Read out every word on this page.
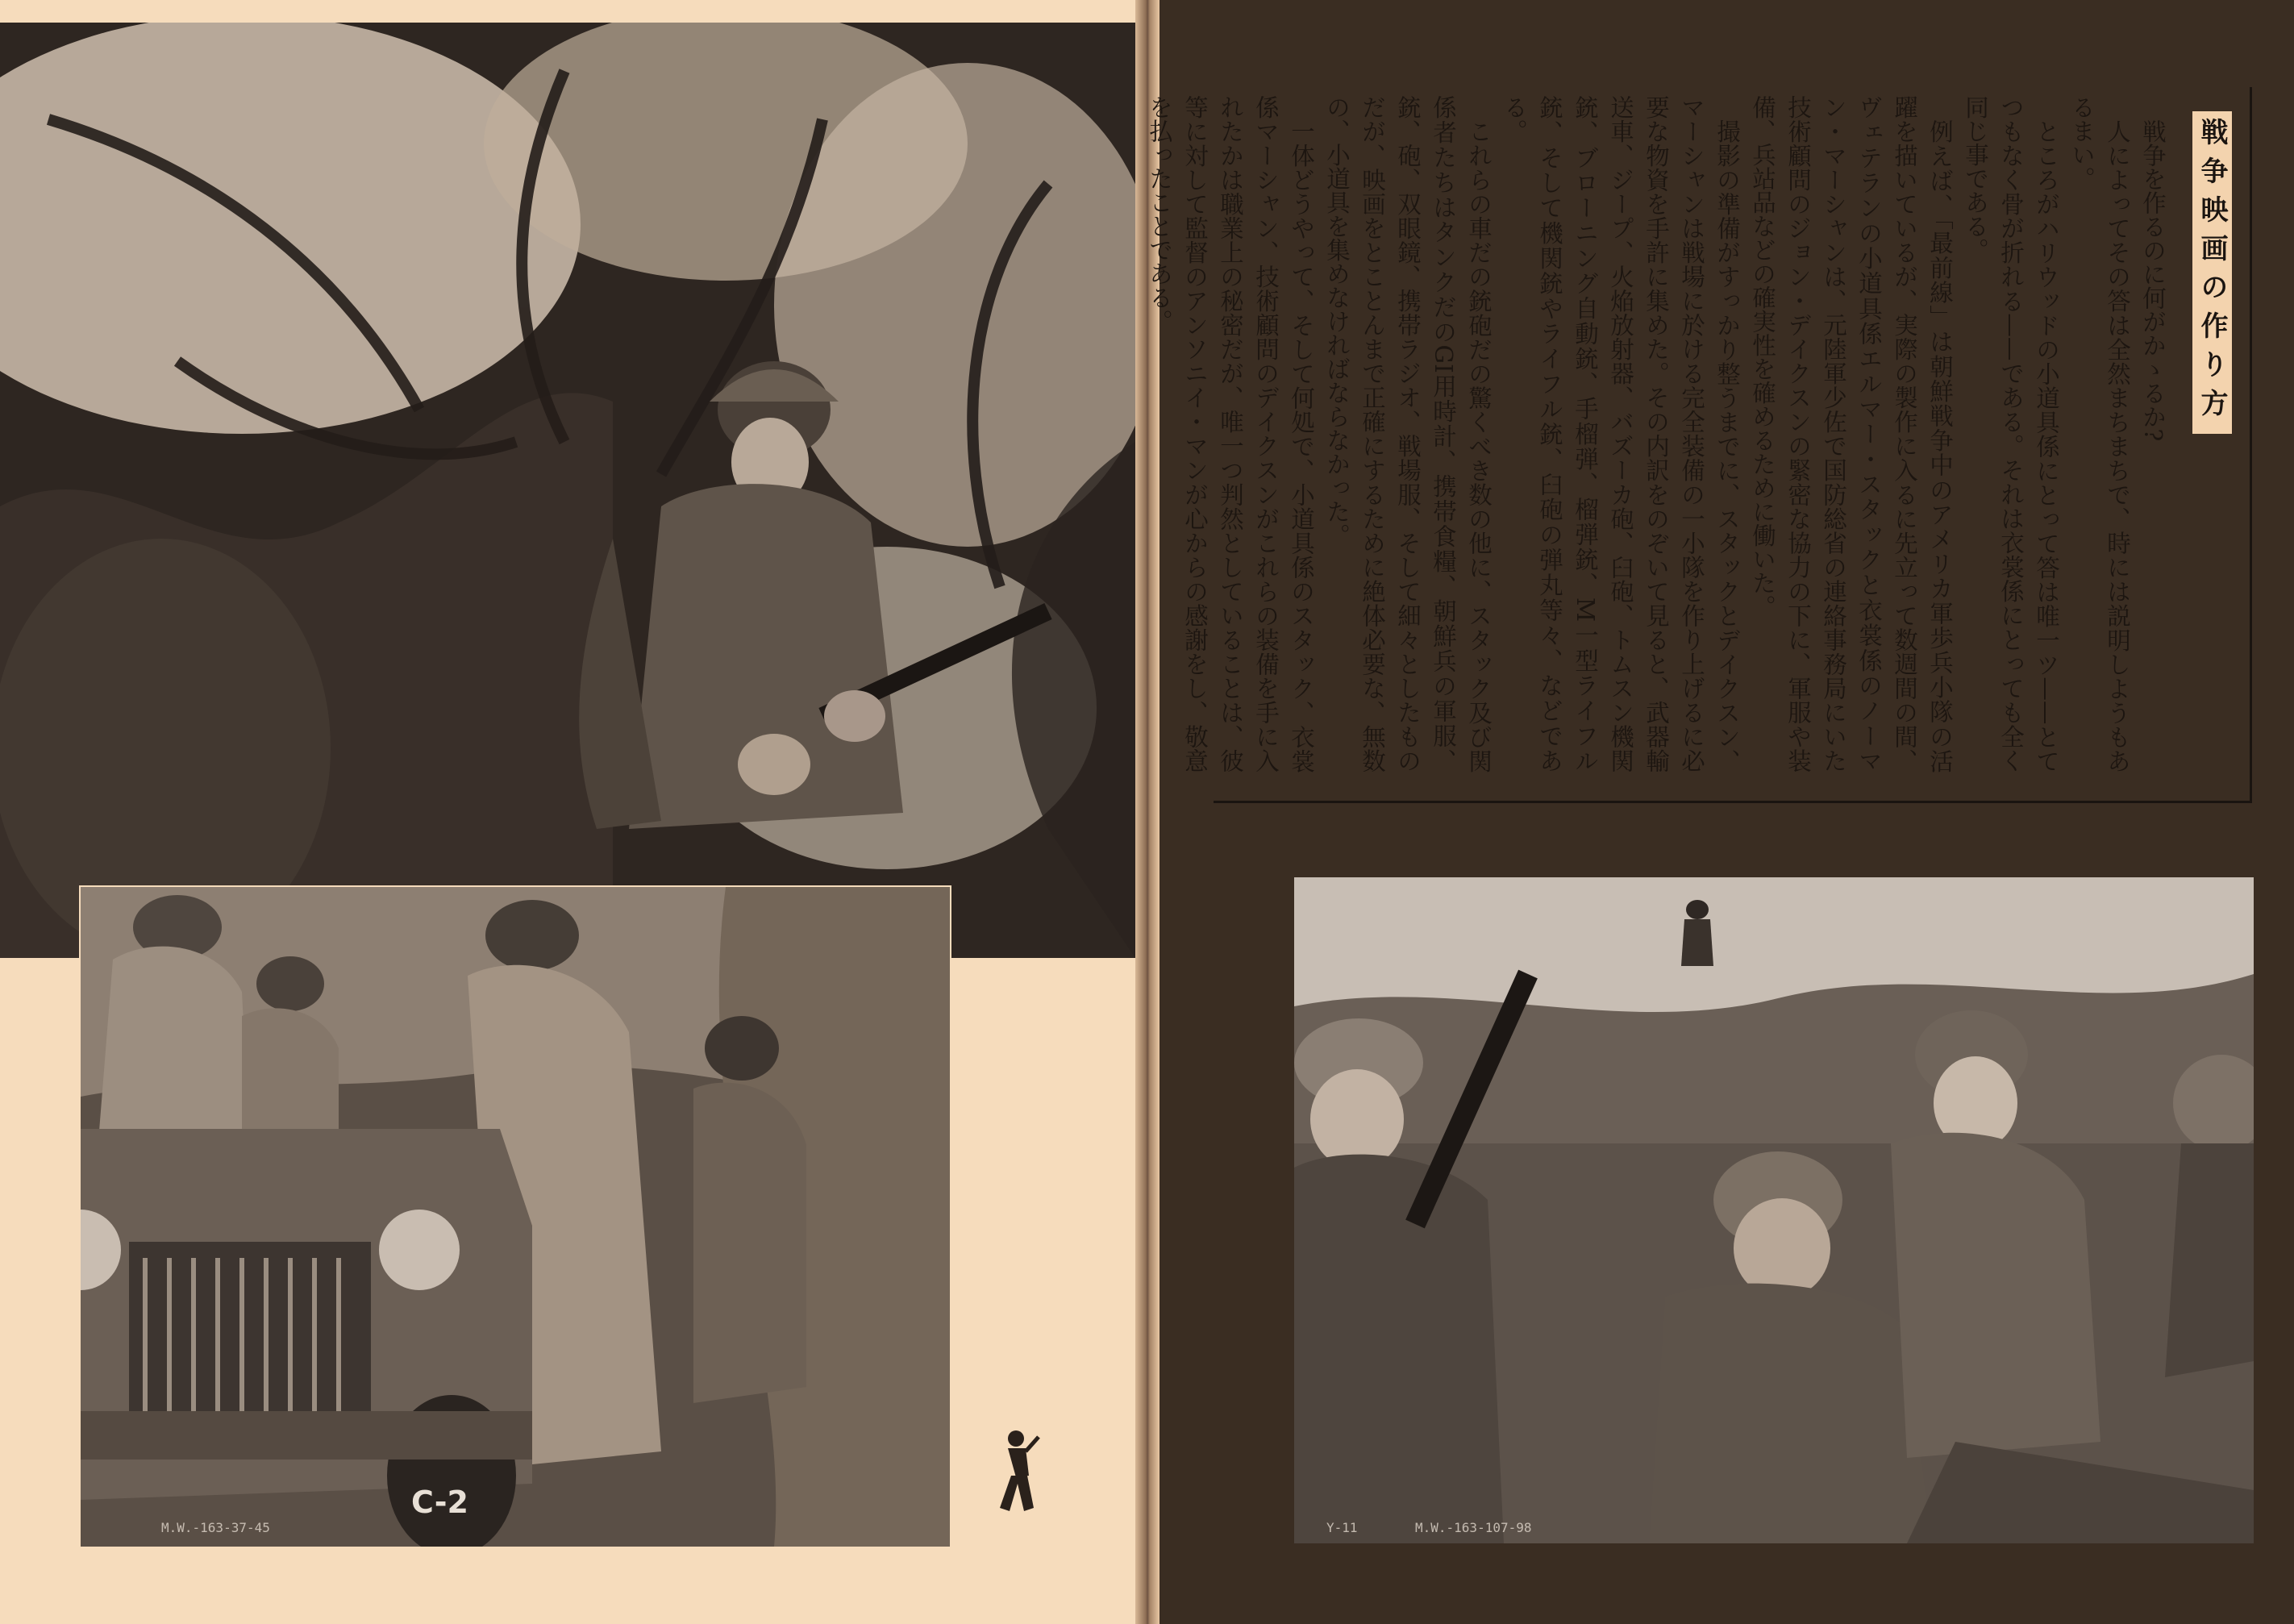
C-2
M.W.-163-37-45
戦争映画の作り方

戦争を作るのに何がかゝるか?

人によってその答は全然まちまちで、時には説明しようもあるまい。

ところがハリウッドの小道具係にとって答は唯一ツ——とてつもなく骨が折れる——である。それは衣裳係にとっても全く同じ事である。

例えば、「最前線」は朝鮮戦争中のアメリカ軍歩兵小隊の活躍を描いているが、実際の製作に入るに先立って数週間の間、ヴェテランの小道具係エルマー・スタックと衣裳係のノーマン・マーシャンは、元陸軍少佐で国防総省の連絡事務局にいた技術顧問のジョン・デイクスンの緊密な協力の下に、軍服や装備、兵站品などの確実性を確めるために働いた。

撮影の準備がすっかり整うまでに、スタックとデイクスン、マーシャンは戦場に於ける完全装備の一小隊を作り上げるに必要な物資を手許に集めた。その内訳をのぞいて見ると、武器輸送車、ジープ、火焔放射器、バズーカ砲、臼砲、トムスン機関銃、ブローニング自動銃、手榴弾、榴弾銃、M一型ライフル銃、そして機関銃やライフル銃、臼砲の弾丸等々、などである。

これらの車だの銃砲だの驚くべき数の他に、スタック及び関係者たちはタンクだのGI用時計、携帯食糧、朝鮮兵の軍服、銃、砲、双眼鏡、携帯ラジオ、戦場服、そして細々としたものだが、映画をとことんまで正確にするために絶体必要な、無数の、小道具を集めなければならなかった。

一体どうやって、そして何処で、小道具係のスタック、衣裳係マーシャン、技術顧問のデイクスンがこれらの装備を手に入れたかは職業上の秘密だが、唯一つ判然としていることは、彼等に対して監督のアンソニイ・マンが心からの感謝をし、敬意を払ったことである。

Y-11	M.W.-163-107-98
